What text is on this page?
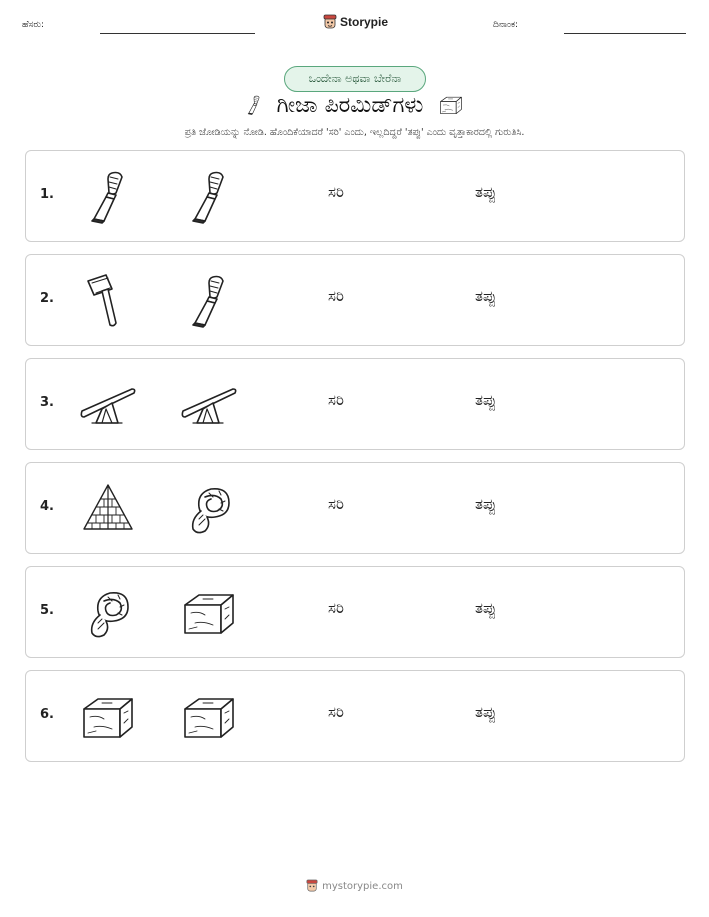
ಹೆಸರು:	Storypie	ದಿನಾಂಕ:
ಒಂದೇನಾ ಅಥವಾ ಬೇರೆನಾ
ಗೀಜಾ ಪಿರಮಿಡ್‌ಗಳು
ಪ್ರತಿ ಜೋಡಿಯನ್ನು ನೋಡಿ. ಹೊಂದಿಕೆಯಾದರೆ 'ಸರಿ' ಎಂದು, ಇಲ್ಲದಿದ್ದರೆ 'ತಪ್ಪು' ಎಂದು ವೃತ್ತಾಕಾರದಲ್ಲಿ ಗುರುತಿಸಿ.
1.	ಸರಿ	ತಪ್ಪು
2.	ಸರಿ	ತಪ್ಪು
3.	ಸರಿ	ತಪ್ಪು
4.	ಸರಿ	ತಪ್ಪು
5.	ಸರಿ	ತಪ್ಪು
6.	ಸರಿ	ತಪ್ಪು
mystorypie.com
